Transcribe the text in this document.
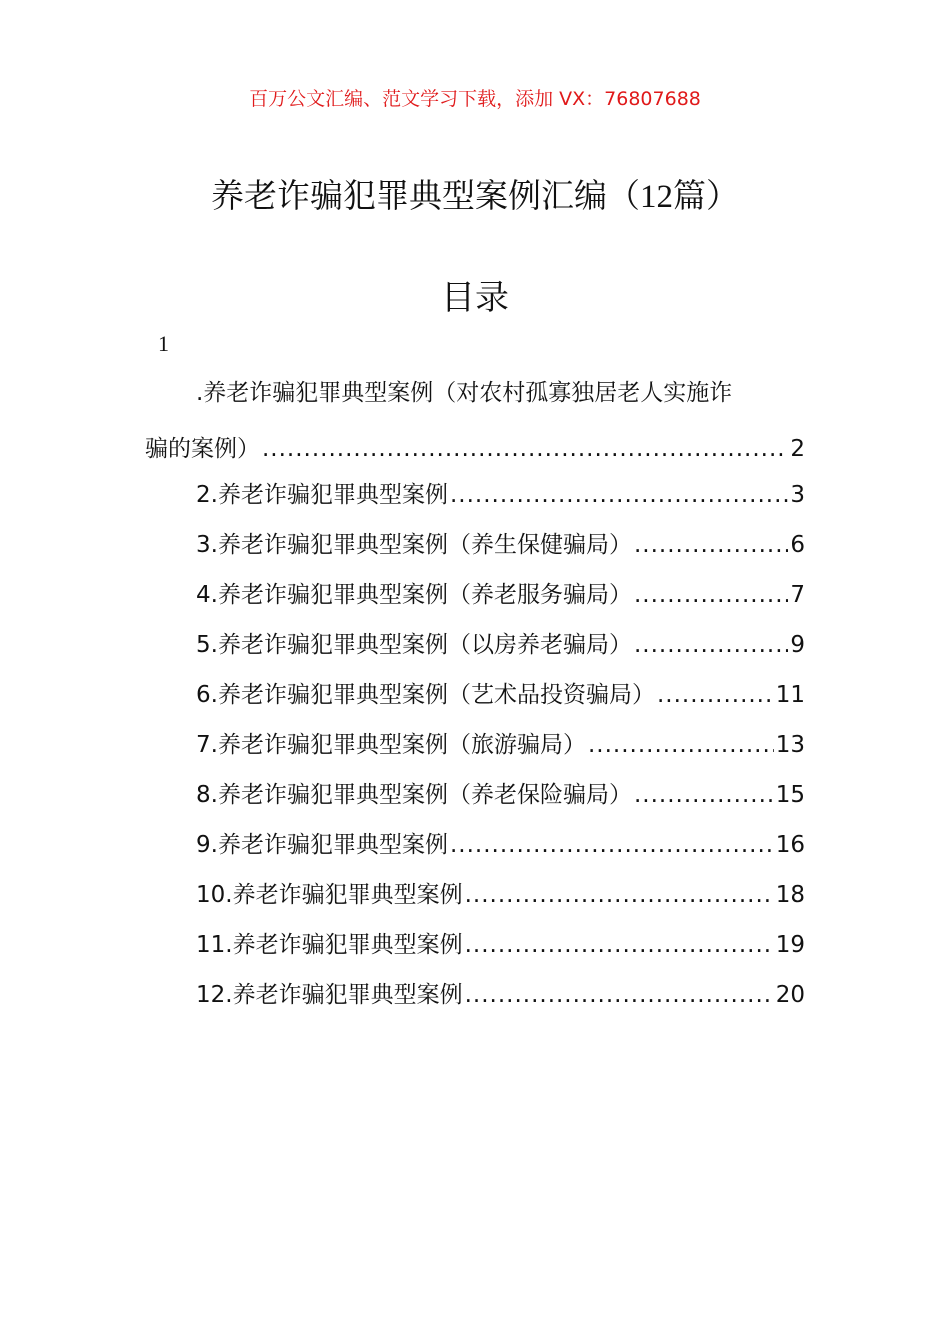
百万公文汇编、范文学习下载，添加 VX：76807688
养老诈骗犯罪典型案例汇编（12篇）
目录
1
.养老诈骗犯罪典型案例（对农村孤寡独居老人实施诈
骗的案例） .....	2
2.养老诈骗犯罪典型案例 .....	3
3.养老诈骗犯罪典型案例（养生保健骗局） .....	6
4.养老诈骗犯罪典型案例（养老服务骗局） .....	7
5.养老诈骗犯罪典型案例（以房养老骗局） .....	9
6.养老诈骗犯罪典型案例（艺术品投资骗局） .....	11
7.养老诈骗犯罪典型案例（旅游骗局） .....	13
8.养老诈骗犯罪典型案例（养老保险骗局） .....	15
9.养老诈骗犯罪典型案例 .....	16
10.养老诈骗犯罪典型案例 .....	18
11.养老诈骗犯罪典型案例 .....	19
12.养老诈骗犯罪典型案例 .....	20
